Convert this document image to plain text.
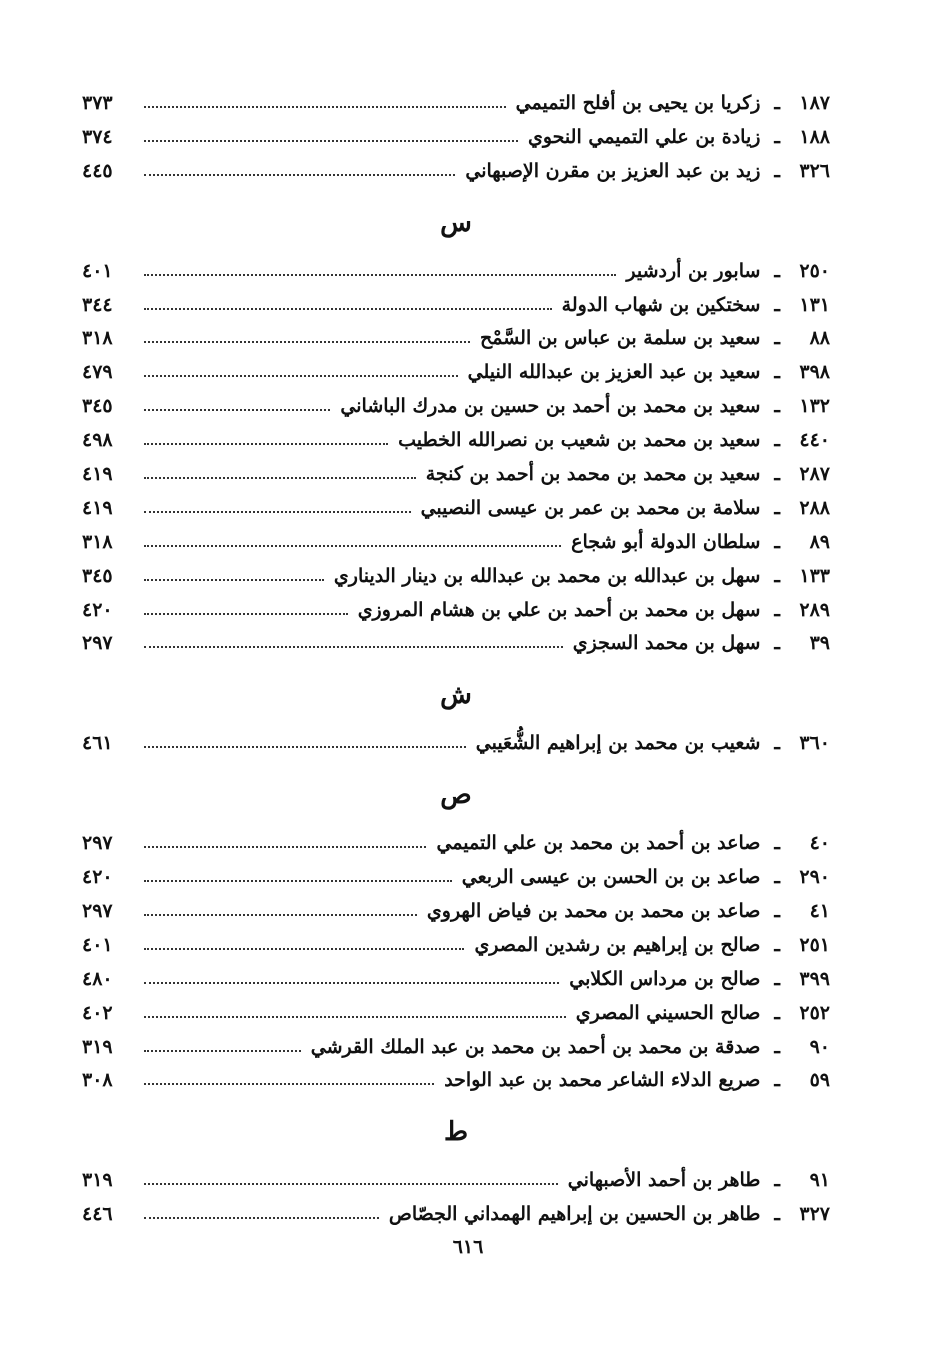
١٨٧
ـ
زكريا بن يحيى بن أفلح التميمي
٣٧٣
١٨٨
ـ
زيادة بن علي التميمي النحوي
٣٧٤
٣٢٦
ـ
زيد بن عبد العزيز بن مقرن الإصبهاني
٤٤٥
س
٢٥٠
ـ
سابور بن أردشير
٤٠١
١٣١
ـ
سختكين بن شهاب الدولة
٣٤٤
٨٨
ـ
سعيد بن سلمة بن عباس بن السَّمْح
٣١٨
٣٩٨
ـ
سعيد بن عبد العزيز بن عبدالله النيلي
٤٧٩
١٣٢
ـ
سعيد بن محمد بن أحمد بن حسين بن مدرك الباشاني
٣٤٥
٤٤٠
ـ
سعيد بن محمد بن شعيب بن نصرالله الخطيب
٤٩٨
٢٨٧
ـ
سعيد بن محمد بن محمد بن أحمد بن كنجة
٤١٩
٢٨٨
ـ
سلامة بن محمد بن عمر بن عيسى النصيبي
٤١٩
٨٩
ـ
سلطان الدولة أبو شجاع
٣١٨
١٣٣
ـ
سهل بن عبدالله بن محمد بن عبدالله بن دينار الديناري
٣٤٥
٢٨٩
ـ
سهل بن محمد بن أحمد بن علي بن هشام المروزي
٤٢٠
٣٩
ـ
سهل بن محمد السجزي
٢٩٧
ش
٣٦٠
ـ
شعيب بن محمد بن إبراهيم الشُّعَيبي
٤٦١
ص
٤٠
ـ
صاعد بن أحمد بن محمد بن علي التميمي
٢٩٧
٢٩٠
ـ
صاعد بن بن الحسن بن عيسى الربعي
٤٢٠
٤١
ـ
صاعد بن محمد بن محمد بن فياض الهروي
٢٩٧
٢٥١
ـ
صالح بن إبراهيم بن رشدين المصري
٤٠١
٣٩٩
ـ
صالح بن مرداس الكلابي
٤٨٠
٢٥٢
ـ
صالح الحسيني المصري
٤٠٢
٩٠
ـ
صدقة بن محمد بن أحمد بن محمد بن عبد الملك القرشي
٣١٩
٥٩
ـ
صريع الدلاء الشاعر محمد بن عبد الواحد
٣٠٨
ط
٩١
ـ
طاهر بن أحمد الأصبهاني
٣١٩
٣٢٧
ـ
طاهر بن الحسين بن إبراهيم الهمداني الجصّاص
٤٤٦
٦١٦
